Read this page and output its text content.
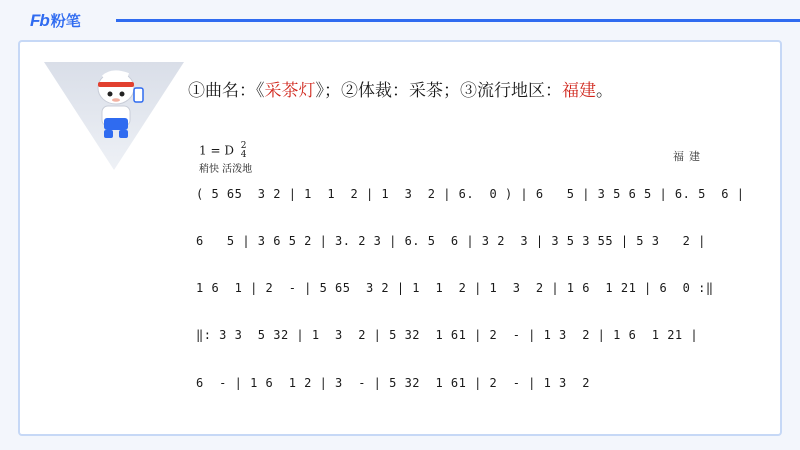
Fb 粉笔
①曲名：《采茶灯》；②体裁：采茶；③流行地区：福建。
1 = D 2
4
稍快 活泼地
福建
( 5 65  3 2 | 1  1  2 | 1  3  2 | 6.  0 ) | 6   5 | 3 5 6 5 | 6. 5  6 |
6   5 | 3 6 5 2 | 3. 2 3 | 6. 5  6 | 3 2  3 | 3 5 3 55 | 5 3   2 |
1 6  1 | 2  - | 5 65  3 2 | 1  1  2 | 1  3  2 | 1 6  1 21 | 6  0 :‖
‖: 3 3  5 32 | 1  3  2 | 5 32  1 61 | 2  - | 1 3  2 | 1 6  1 21 |
6  - | 1 6  1 2 | 3  - | 5 32  1 61 | 2  - | 1 3  2
